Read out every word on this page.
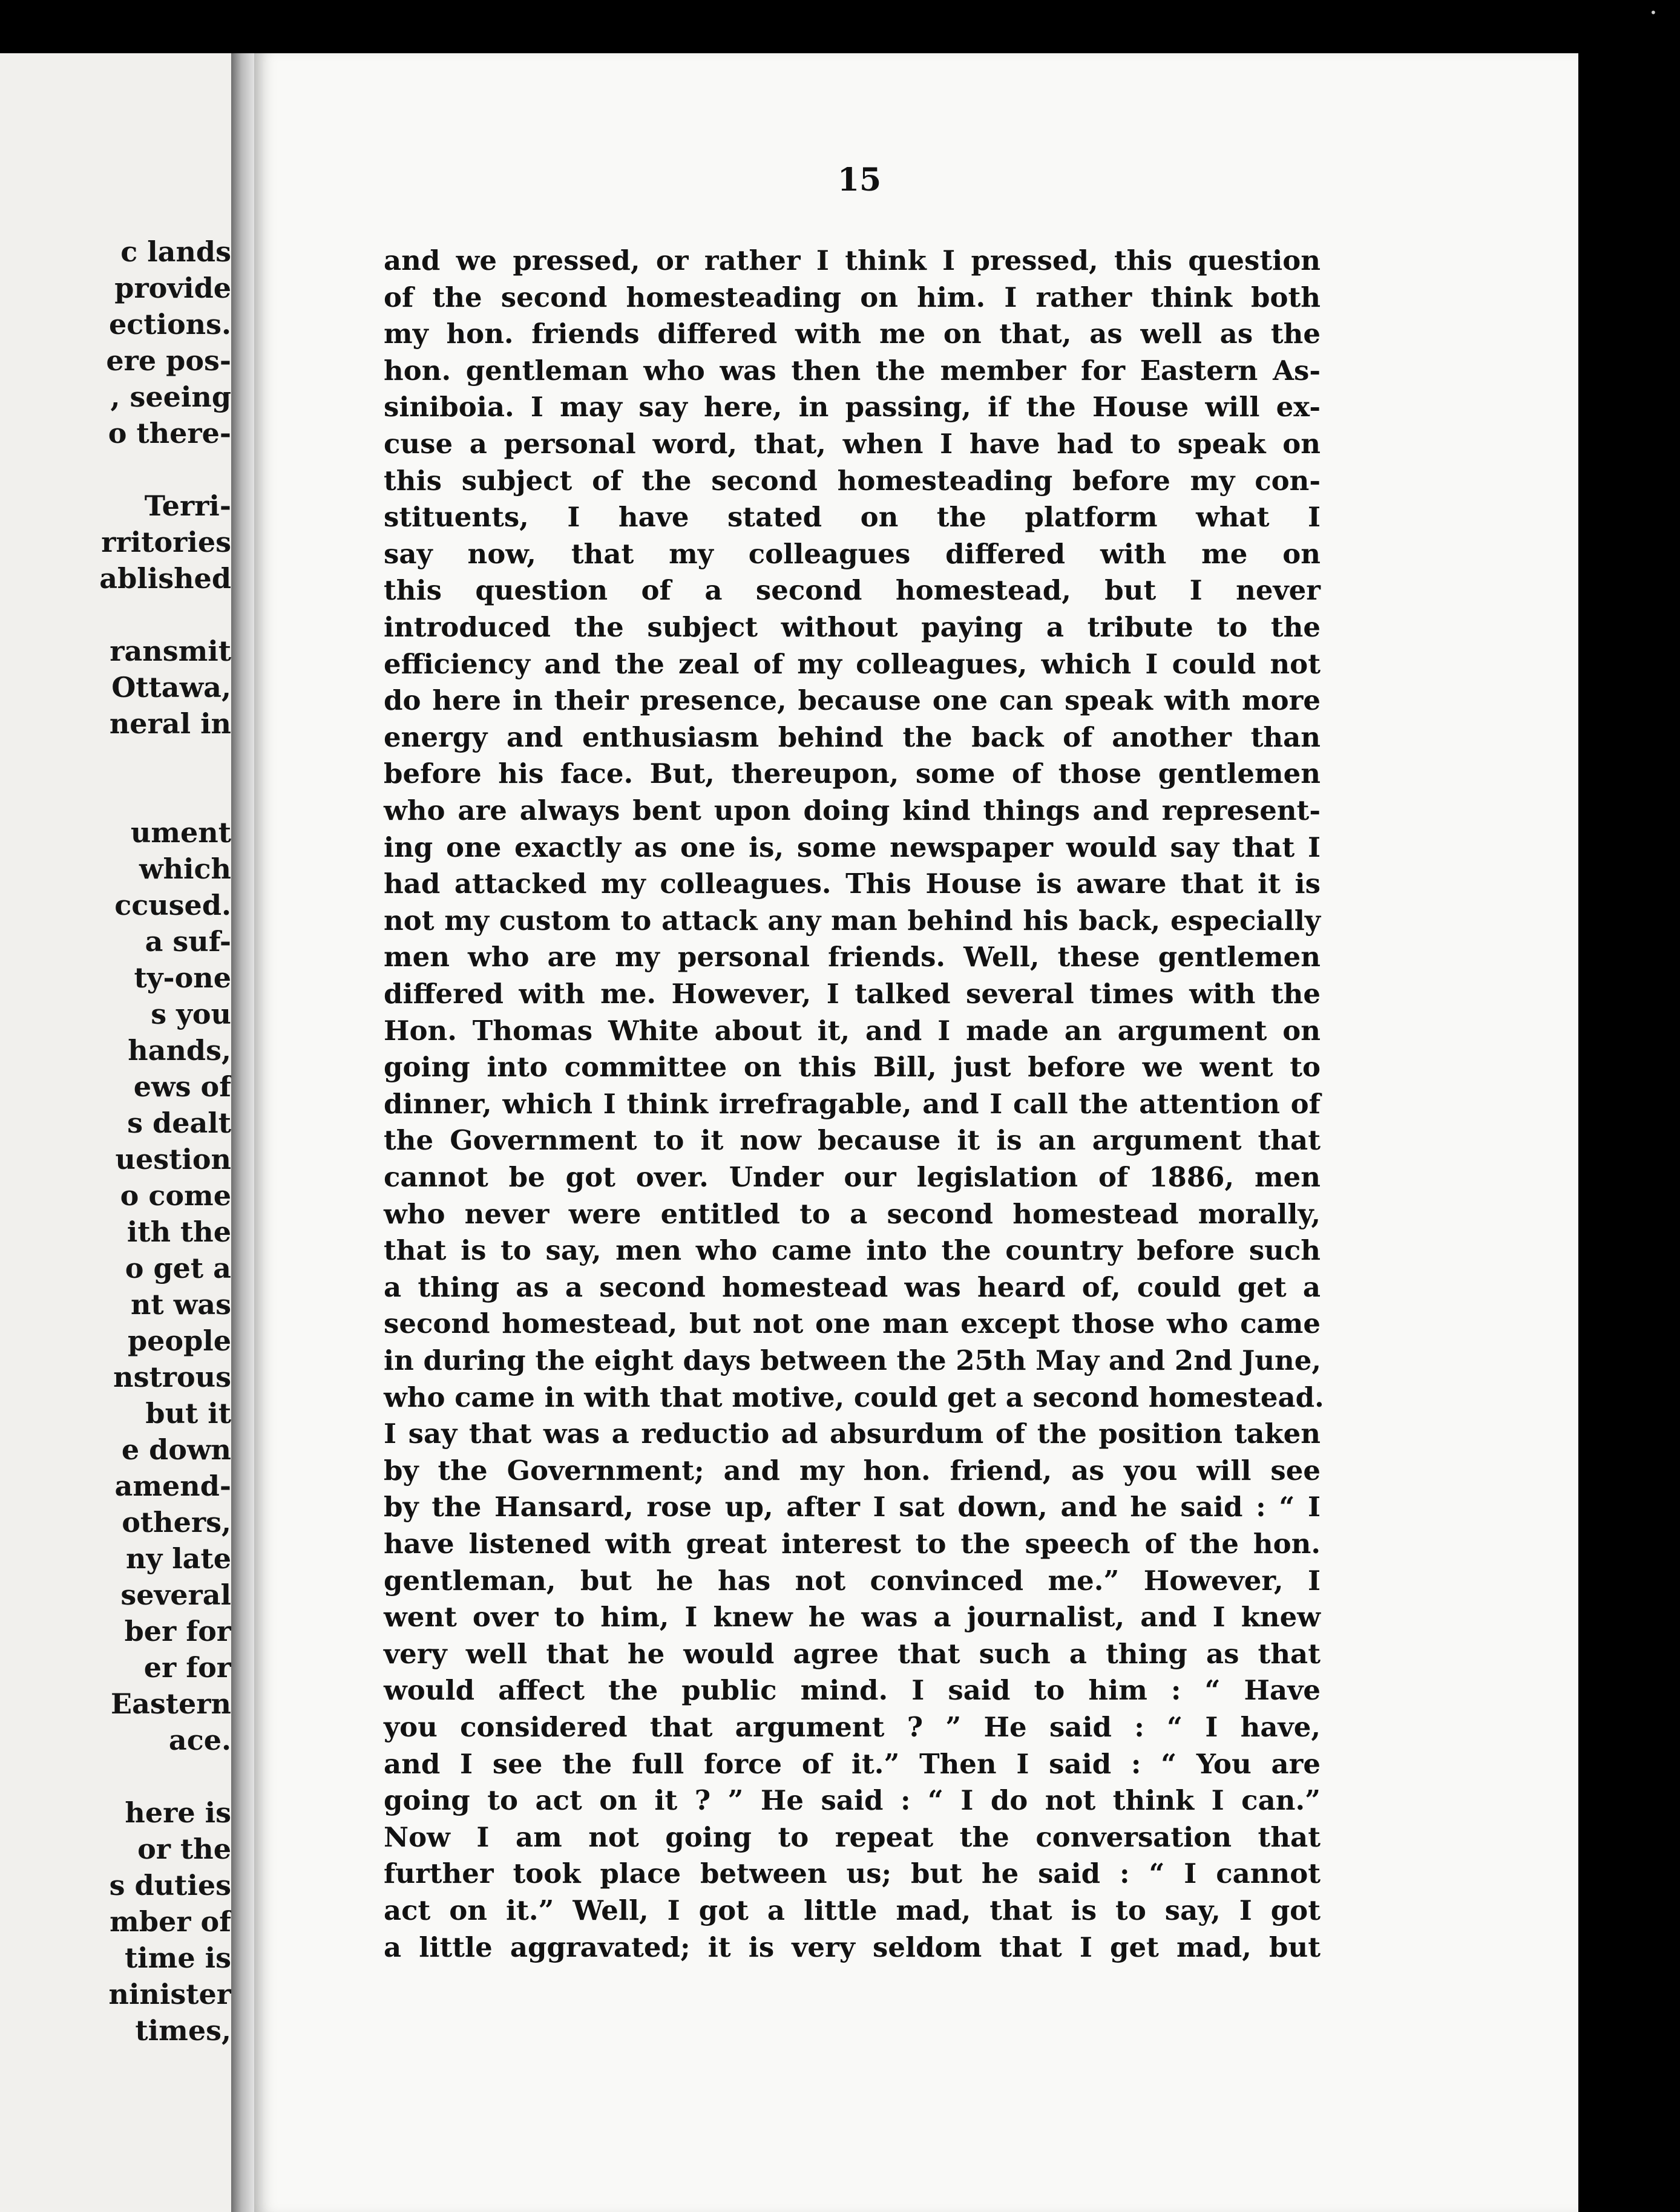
c lands

provide

ections.

ere pos-

, seeing

o there-

Terri-

rritories

ablished

ransmit

Ottawa,

neral in

ument

which

ccused.

a suf-

ty-one

s you

hands,

ews of

s dealt

uestion

o come

ith the

o get a

nt was

people

nstrous

but it

e down

amend-

others,

ny late

several

ber for

er for

Eastern

ace.

here is

or the

s duties

mber of

time is

ninister

times,

•

15

and we pressed, or rather I think I pressed, this question

of the second homesteading on him. I rather think both

my hon. friends differed with me on that, as well as the

hon. gentleman who was then the member for Eastern As-

siniboia. I may say here, in passing, if the House will ex-

cuse a personal word, that, when I have had to speak on

this subject of the second homesteading before my con-

stituents, I have stated on the platform what I

say now, that my colleagues differed with me on

this question of a second homestead, but I never

introduced the subject without paying a tribute to the

efficiency and the zeal of my colleagues, which I could not

do here in their presence, because one can speak with more

energy and enthusiasm behind the back of another than

before his face. But, thereupon, some of those gentlemen

who are always bent upon doing kind things and represent-

ing one exactly as one is, some newspaper would say that I

had attacked my colleagues. This House is aware that it is

not my custom to attack any man behind his back, especially

men who are my personal friends. Well, these gentlemen

differed with me. However, I talked several times with the

Hon. Thomas White about it, and I made an argument on

going into committee on this Bill, just before we went to

dinner, which I think irrefragable, and I call the attention of

the Government to it now because it is an argument that

cannot be got over. Under our legislation of 1886, men

who never were entitled to a second homestead morally,

that is to say, men who came into the country before such

a thing as a second homestead was heard of, could get a

second homestead, but not one man except those who came

in during the eight days between the 25th May and 2nd June,

who came in with that motive, could get a second homestead.

I say that was a reductio ad absurdum of the position taken

by the Government; and my hon. friend, as you will see

by the Hansard, rose up, after I sat down, and he said : “ I

have listened with great interest to the speech of the hon.

gentleman, but he has not convinced me.” However, I

went over to him, I knew he was a journalist, and I knew

very well that he would agree that such a thing as that

would affect the public mind. I said to him : “ Have

you considered that argument ? ” He said : “ I have,

and I see the full force of it.” Then I said : “ You are

going to act on it ? ” He said : “ I do not think I can.”

Now I am not going to repeat the conversation that

further took place between us; but he said : “ I cannot

act on it.” Well, I got a little mad, that is to say, I got

a little aggravated; it is very seldom that I get mad, but
